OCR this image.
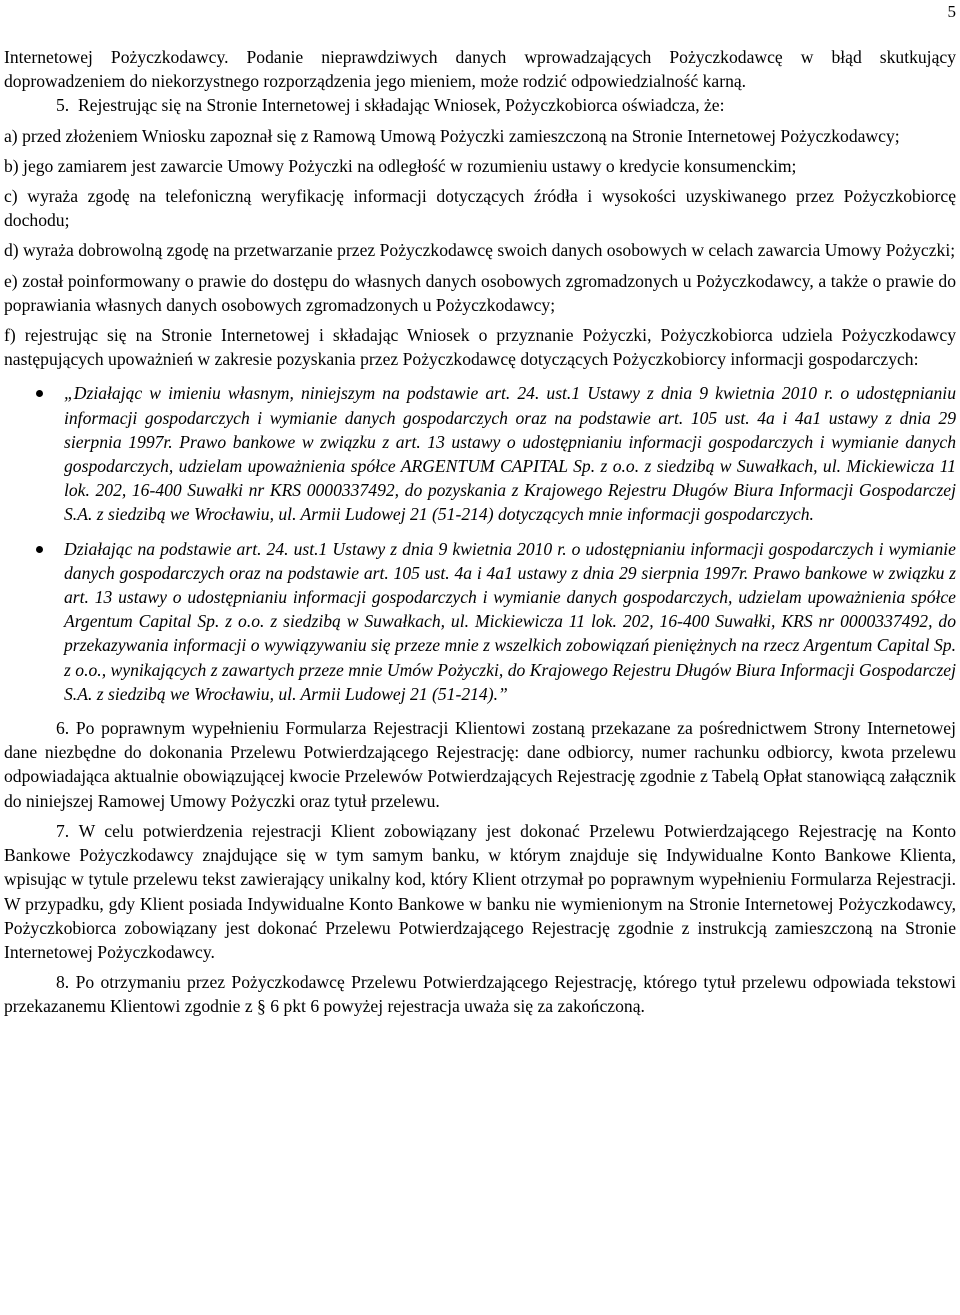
5

Internetowej Pożyczkodawcy. Podanie nieprawdziwych danych wprowadzających Pożyczkodawcę w błąd skutkujący doprowadzeniem do niekorzystnego rozporządzenia jego mieniem, może rodzić odpowiedzialność karną.

5. Rejestrując się na Stronie Internetowej i składając Wniosek, Pożyczkobiorca oświadcza, że:

a) przed złożeniem Wniosku zapoznał się z Ramową Umową Pożyczki zamieszczoną na Stronie Internetowej Pożyczkodawcy;

b) jego zamiarem jest zawarcie Umowy Pożyczki na odległość w rozumieniu ustawy o kredycie konsumenckim;

c) wyraża zgodę na telefoniczną weryfikację informacji dotyczących źródła i wysokości uzyskiwanego przez Pożyczkobiorcę dochodu;

d) wyraża dobrowolną zgodę na przetwarzanie przez Pożyczkodawcę swoich danych osobowych w celach zawarcia Umowy Pożyczki;

e) został poinformowany o prawie do dostępu do własnych danych osobowych zgromadzonych u Pożyczkodawcy, a także o prawie do poprawiania własnych danych osobowych zgromadzonych u Pożyczkodawcy;

f) rejestrując się na Stronie Internetowej i składając Wniosek o przyznanie Pożyczki, Pożyczkobiorca udziela Pożyczkodawcy następujących upoważnień w zakresie pozyskania przez Pożyczkodawcę dotyczących Pożyczkobiorcy informacji gospodarczych:

„Działając w imieniu własnym, niniejszym na podstawie art. 24. ust.1 Ustawy z dnia 9 kwietnia 2010 r. o udostępnianiu informacji gospodarczych i wymianie danych gospodarczych oraz na podstawie art. 105 ust. 4a i 4a1 ustawy z dnia 29 sierpnia 1997r. Prawo bankowe w związku z art. 13 ustawy o udostępnianiu informacji gospodarczych i wymianie danych gospodarczych, udzielam upoważnienia spółce ARGENTUM CAPITAL Sp. z o.o. z siedzibą w Suwałkach, ul. Mickiewicza 11 lok. 202, 16-400 Suwałki nr KRS 0000337492, do pozyskania z Krajowego Rejestru Długów Biura Informacji Gospodarczej S.A. z siedzibą we Wrocławiu, ul. Armii Ludowej 21 (51-214) dotyczących mnie informacji gospodarczych.
Działając na podstawie art. 24. ust.1 Ustawy z dnia 9 kwietnia 2010 r. o udostępnianiu informacji gospodarczych i wymianie danych gospodarczych oraz na podstawie art. 105 ust. 4a i 4a1 ustawy z dnia 29 sierpnia 1997r. Prawo bankowe w związku z art. 13 ustawy o udostępnianiu informacji gospodarczych i wymianie danych gospodarczych, udzielam upoważnienia spółce Argentum Capital Sp. z o.o. z siedzibą w Suwałkach, ul. Mickiewicza 11 lok. 202, 16-400 Suwałki, KRS nr 0000337492, do przekazywania informacji o wywiązywaniu się przeze mnie z wszelkich zobowiązań pieniężnych na rzecz Argentum Capital Sp. z o.o., wynikających z zawartych przeze mnie Umów Pożyczki, do Krajowego Rejestru Długów Biura Informacji Gospodarczej S.A. z siedzibą we Wrocławiu, ul. Armii Ludowej 21 (51-214).”

6. Po poprawnym wypełnieniu Formularza Rejestracji Klientowi zostaną przekazane za pośrednictwem Strony Internetowej dane niezbędne do dokonania Przelewu Potwierdzającego Rejestrację: dane odbiorcy, numer rachunku odbiorcy, kwota przelewu odpowiadająca aktualnie obowiązującej kwocie Przelewów Potwierdzających Rejestrację zgodnie z Tabelą Opłat stanowiącą załącznik do niniejszej Ramowej Umowy Pożyczki oraz tytuł przelewu.

7. W celu potwierdzenia rejestracji Klient zobowiązany jest dokonać Przelewu Potwierdzającego Rejestrację na Konto Bankowe Pożyczkodawcy znajdujące się w tym samym banku, w którym znajduje się Indywidualne Konto Bankowe Klienta, wpisując w tytule przelewu tekst zawierający unikalny kod, który Klient otrzymał po poprawnym wypełnieniu Formularza Rejestracji. W przypadku, gdy Klient posiada Indywidualne Konto Bankowe w banku nie wymienionym na Stronie Internetowej Pożyczkodawcy, Pożyczkobiorca zobowiązany jest dokonać Przelewu Potwierdzającego Rejestrację zgodnie z instrukcją zamieszczoną na Stronie Internetowej Pożyczkodawcy.

8. Po otrzymaniu przez Pożyczkodawcę Przelewu Potwierdzającego Rejestrację, którego tytuł przelewu odpowiada tekstowi przekazanemu Klientowi zgodnie z § 6 pkt 6 powyżej rejestracja uważa się za zakończoną.
